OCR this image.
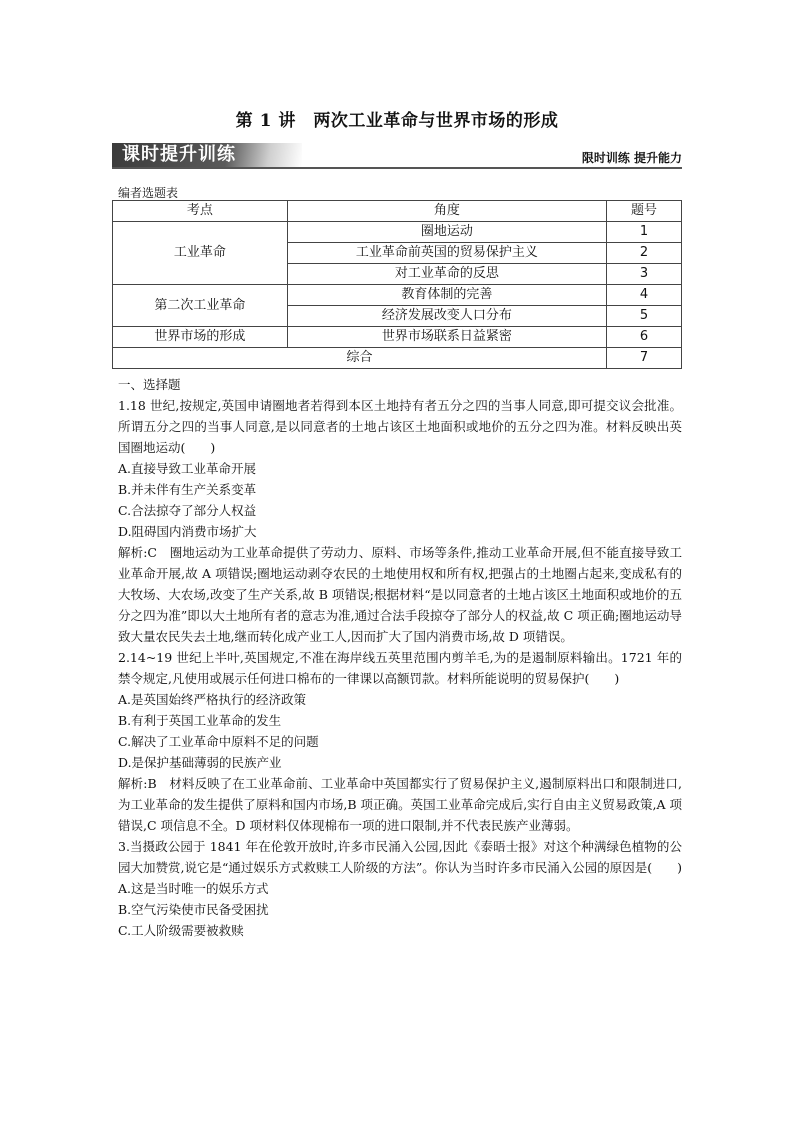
第 1 讲　两次工业革命与世界市场的形成
课时提升训练	限时训练 提升能力
编者选题表
考点	角度	题号
工业革命	圈地运动	1
	工业革命前英国的贸易保护主义	2
	对工业革命的反思	3
第二次工业革命	教育体制的完善	4
	经济发展改变人口分布	5
世界市场的形成	世界市场联系日益紧密	6
综合		7

一、选择题

1.18 世纪,按规定,英国申请圈地者若得到本区土地持有者五分之四的当事人同意,即可提交议会批准。所谓五分之四的当事人同意,是以同意者的土地占该区土地面积或地价的五分之四为准。材料反映出英国圈地运动(　　)

A.直接导致工业革命开展

B.并未伴有生产关系变革

C.合法掠夺了部分人权益

D.阻碍国内消费市场扩大

解析:C　圈地运动为工业革命提供了劳动力、原料、市场等条件,推动工业革命开展,但不能直接导致工业革命开展,故 A 项错误;圈地运动剥夺农民的土地使用权和所有权,把强占的土地圈占起来,变成私有的大牧场、大农场,改变了生产关系,故 B 项错误;根据材料“是以同意者的土地占该区土地面积或地价的五分之四为准”即以大土地所有者的意志为准,通过合法手段掠夺了部分人的权益,故 C 项正确;圈地运动导致大量农民失去土地,继而转化成产业工人,因而扩大了国内消费市场,故 D 项错误。

2.14~19 世纪上半叶,英国规定,不准在海岸线五英里范围内剪羊毛,为的是遏制原料输出。1721 年的禁令规定,凡使用或展示任何进口棉布的一律课以高额罚款。材料所能说明的贸易保护(　　)

A.是英国始终严格执行的经济政策

B.有利于英国工业革命的发生

C.解决了工业革命中原料不足的问题

D.是保护基础薄弱的民族产业

解析:B　材料反映了在工业革命前、工业革命中英国都实行了贸易保护主义,遏制原料出口和限制进口,为工业革命的发生提供了原料和国内市场,B 项正确。英国工业革命完成后,实行自由主义贸易政策,A 项错误,C 项信息不全。D 项材料仅体现棉布一项的进口限制,并不代表民族产业薄弱。

3.当摄政公园于 1841 年在伦敦开放时,许多市民涌入公园,因此《泰晤士报》对这个种满绿色植物的公园大加赞赏,说它是“通过娱乐方式救赎工人阶级的方法”。你认为当时许多市民涌入公园的原因是(　　)

A.这是当时唯一的娱乐方式

B.空气污染使市民备受困扰

C.工人阶级需要被救赎
